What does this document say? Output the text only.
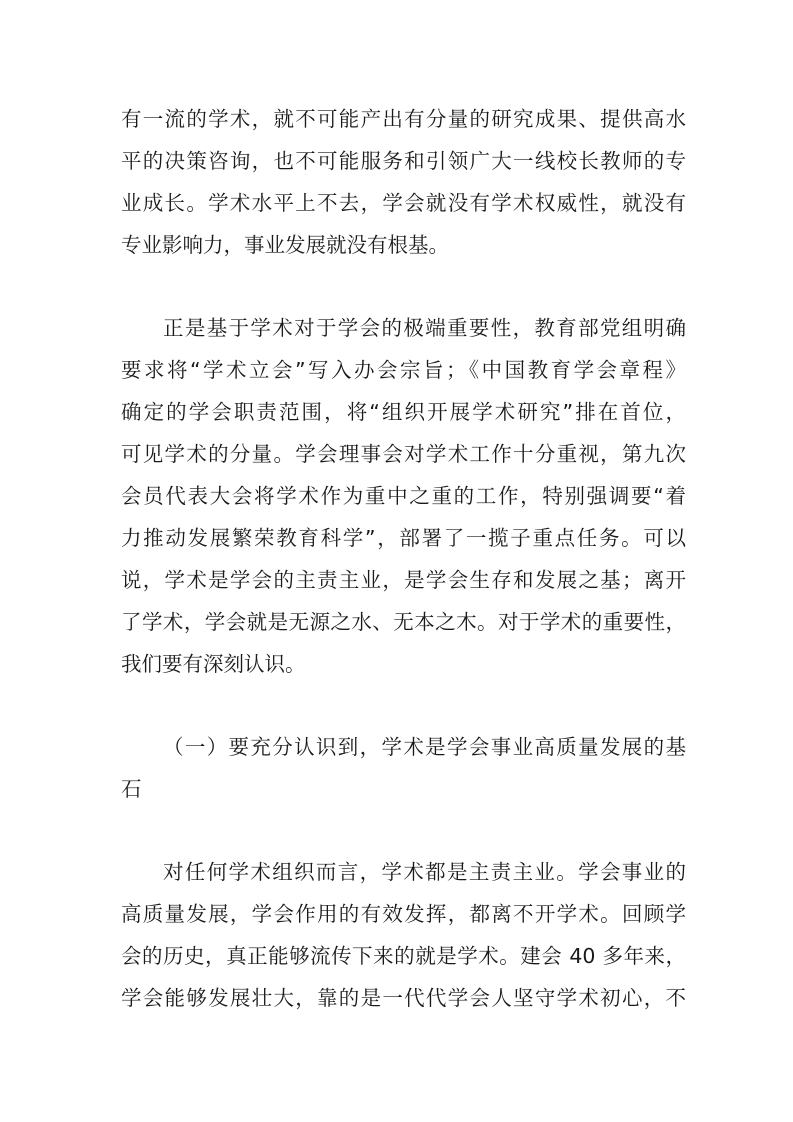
有一流的学术，就不可能产出有分量的研究成果、提供高水
平的决策咨询，也不可能服务和引领广大一线校长教师的专
业成长。学术水平上不去，学会就没有学术权威性，就没有
专业影响力，事业发展就没有根基。
正是基于学术对于学会的极端重要性，教育部党组明确
要求将“学术立会”写入办会宗旨；《中国教育学会章程》
确定的学会职责范围，将“组织开展学术研究”排在首位，
可见学术的分量。学会理事会对学术工作十分重视，第九次
会员代表大会将学术作为重中之重的工作，特别强调要“着
力推动发展繁荣教育科学”，部署了一揽子重点任务。可以
说，学术是学会的主责主业，是学会生存和发展之基；离开
了学术，学会就是无源之水、无本之木。对于学术的重要性，
我们要有深刻认识。
（一）要充分认识到，学术是学会事业高质量发展的基
石
对任何学术组织而言，学术都是主责主业。学会事业的
高质量发展，学会作用的有效发挥，都离不开学术。回顾学
会的历史，真正能够流传下来的就是学术。建会 40 多年来，
学会能够发展壮大，靠的是一代代学会人坚守学术初心，不
